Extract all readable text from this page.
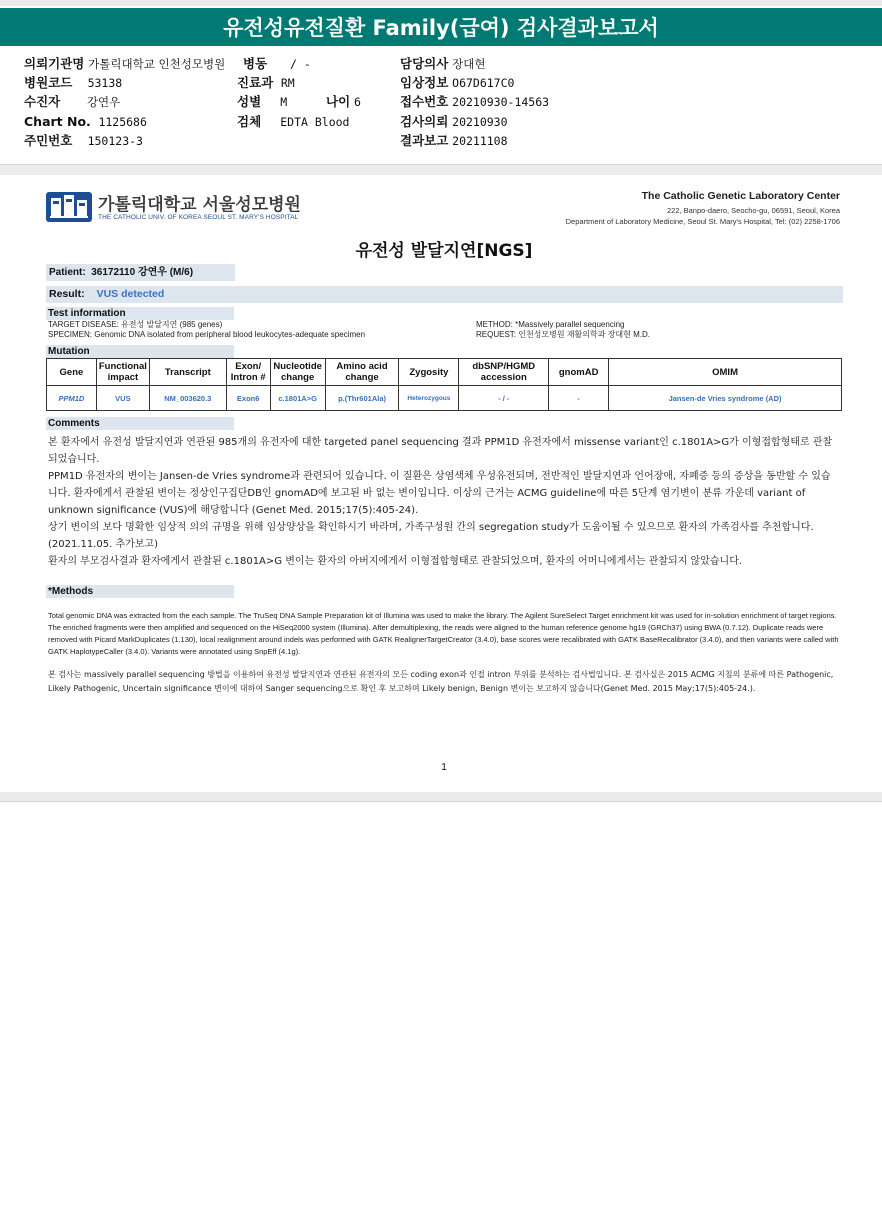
유전성유전질환 Family(급여) 검사결과보고서
의뢰기관명 가톨릭대학교 인천성모병원 병동 / -	담당의사 장대현
병원코드 53138	진료과 RM	임상정보 O67D617C0
수진자 강연우	성별 M	나이 6	접수번호 20210930-14563
Chart No. 1125686	검체 EDTA Blood	검사의뢰 20210930
주민번호 150123-3	결과보고 20211108
가톨릭대학교 서울성모병원
THE CATHOLIC UNIV. OF KOREA SEOUL ST. MARY'S HOSPITAL
The Catholic Genetic Laboratory Center
222, Banpo-daero, Seocho-gu, 06591, Seoul, Korea
Department of Laboratory Medicine, Seoul St. Mary's Hospital, Tel: (02) 2258-1706
유전성 발달지연[NGS]
Patient: 36172110 강연우 (M/6)
Result: VUS detected
Test information
TARGET DISEASE: 유전성 발달지연 (985 genes)
SPECIMEN: Genomic DNA isolated from peripheral blood leukocytes-adequate specimen
METHOD: *Massively parallel sequencing
REQUEST: 인천성모병원 재활의학과 장대현 M.D.
Mutation
Gene	Functional impact	Transcript	Exon/ Intron #	Nucleotide change	Amino acid change	Zygosity	dbSNP/HGMD accession	gnomAD	OMIM
PPM1D	VUS	NM_003620.3	Exon6	c.1801A>G	p.(Thr601Ala)	Heterozygous	- / -	-	Jansen-de Vries syndrome (AD)
Comments

본 환자에서 유전성 발달지연과 연관된 985개의 유전자에 대한 targeted panel sequencing 결과 PPM1D 유전자에서 missense variant인 c.1801A>G가 이형접합형태로 관찰되었습니다.

PPM1D 유전자의 변이는 Jansen-de Vries syndrome과 관련되어 있습니다. 이 질환은 상염색체 우성유전되며, 전반적인 발달지연과 언어장애, 자폐증 등의 증상을 동반할 수 있습니다. 환자에게서 관찰된 변이는 정상인구집단DB인 gnomAD에 보고된 바 없는 변이입니다. 이상의 근거는 ACMG guideline에 따른 5단계 염기변이 분류 가운데 variant of unknown significance (VUS)에 해당합니다 (Genet Med. 2015;17(5):405-24).

상기 변이의 보다 명확한 임상적 의의 규명을 위해 임상양상을 확인하시기 바라며, 가족구성원 간의 segregation study가 도움이될 수 있으므로 환자의 가족검사를 추천합니다.

(2021.11.05. 추가보고)

환자의 부모검사결과 환자에게서 관찰된 c.1801A>G 변이는 환자의 아버지에게서 이형접합형태로 관찰되었으며, 환자의 어머니에게서는 관찰되지 않았습니다.

*Methods
Total genomic DNA was extracted from the each sample. The TruSeq DNA Sample Preparation kit of Illumina was used to make the library. The Agilent SureSelect Target enrichment kit was used for in-solution enrichment of target regions. The enriched fragments were then amplified and sequenced on the HiSeq2000 system (Illumina). After demultiplexing, the reads were aligned to the human reference genome hg19 (GRCh37) using BWA (0.7.12). Duplicate reads were removed with Picard MarkDuplicates (1.130), local realignment around indels was performed with GATK RealignerTargetCreator (3.4.0), base scores were recalibrated with GATK BaseRecalibrator (3.4.0), and then variants were called with GATK HaplotypeCaller (3.4.0). Variants were annotated using SnpEff (4.1g).
본 검사는 massively parallel sequencing 방법을 이용하여 유전성 발달지연과 연관된 유전자의 모든 coding exon과 인접 intron 부위를 분석하는 검사법입니다. 본 검사실은 2015 ACMG 지침의 분류에 따른 Pathogenic, Likely Pathogenic, Uncertain significance 변이에 대하여 Sanger sequencing으로 확인 후 보고하며 Likely benign, Benign 변이는 보고하지 않습니다(Genet Med. 2015 May;17(5):405-24.).
1
